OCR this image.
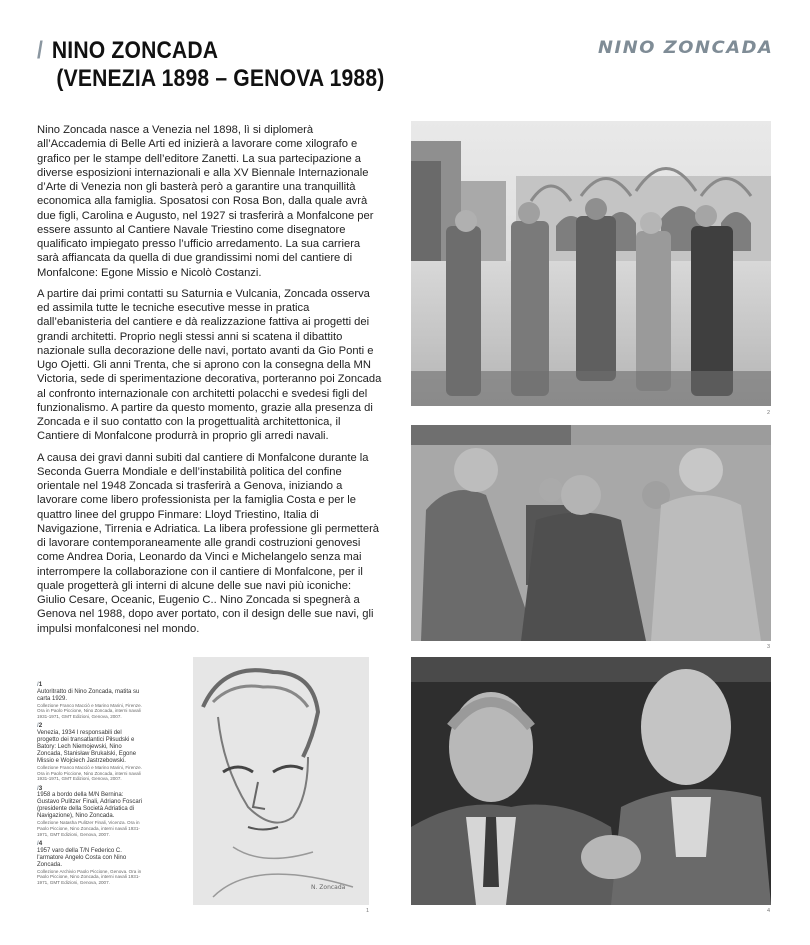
/ NINO ZONCADA
(VENEZIA 1898 – GENOVA 1988)
NINO ZONCADA

Nino Zoncada nasce a Venezia nel 1898, lì si diplomerà all’Accademia di Belle Arti ed inizierà a lavorare come xilografo e grafico per le stampe dell’editore Zanetti. La sua partecipazione a diverse esposizioni internazionali e alla XV Biennale Internazionale d’Arte di Venezia non gli basterà però a garantire una tranquillità economica alla famiglia. Sposatosi con Rosa Bon, dalla quale avrà due figli, Carolina e Augusto, nel 1927 si trasferirà a Monfalcone per essere assunto al Cantiere Navale Triestino come disegnatore qualificato impiegato presso l’ufficio arredamento. La sua carriera sarà affiancata da quella di due grandissimi nomi del cantiere di Monfalcone: Egone Missio e Nicolò Costanzi.

A partire dai primi contatti su Saturnia e Vulcania, Zoncada osserva ed assimila tutte le tecniche esecutive messe in pratica dall’ebanisteria del cantiere e dà realizzazione fattiva ai progetti dei grandi architetti. Proprio negli stessi anni si scatena il dibattito nazionale sulla decorazione delle navi, portato avanti da Gio Ponti e Ugo Ojetti. Gli anni Trenta, che si aprono con la consegna della MN Victoria, sede di sperimentazione decorativa, porteranno poi Zoncada al confronto internazionale con architetti polacchi e svedesi figli del funzionalismo. A partire da questo momento, grazie alla presenza di Zoncada e il suo contatto con la progettualità architettonica, il Cantiere di Monfalcone produrrà in proprio gli arredi navali.

A causa dei gravi danni subiti dal cantiere di Monfalcone durante la Seconda Guerra Mondiale e dell’instabilità politica del confine orientale nel 1948 Zoncada si trasferirà a Genova, iniziando a lavorare come libero professionista per la famiglia Costa e per le quattro linee del gruppo Finmare: Lloyd Triestino, Italia di Navigazione, Tirrenia e Adriatica. La libera professione gli permetterà di lavorare contemporaneamente alle grandi costruzioni genovesi come Andrea Doria, Leonardo da Vinci e Michelangelo senza mai interrompere la collaborazione con il cantiere di Monfalcone, per il quale progetterà gli interni di alcune delle sue navi più iconiche: Giulio Cesare, Oceanic, Eugenio C.. Nino Zoncada si spegnerà a Genova nel 1988, dopo aver portato, con il design delle sue navi, gli impulsi monfalconesi nel mondo.

/1
Autoritratto di Nino Zoncada, matita su carta 1929.
Collezione Franco Macciò e Marino Marini, Firenze. Ora in Paolo Piccione, Nino Zoncada, interni navali 1931-1971, GMT Edizioni, Genova, 2007.
/2
Venezia, 1934 I responsabili del progetto dei transatlantici Piłsudski e Batory: Lech Niemojewski, Nino Zoncada, Stanisław Brukalski, Egone Missio e Wojciech Jastrzebowski.
Collezione Franco Macciò e Marino Marini, Firenze. Ora in Paolo Piccione, Nino Zoncada, interni navali 1931-1971, GMT Edizioni, Genova, 2007.
/3
1958 a bordo della M/N Bernina: Gustavo Pulitzer Finali, Adriano Foscari (presidente della Società Adriatica di Navigazione), Nino Zoncada.
Collezione Natasha Pulitzer Finali, Vicenza. Ora in Paolo Piccione, Nino Zoncada, interni navali 1931-1971, GMT Edizioni, Genova, 2007.
/4
1957 varo della T/N Federico C. l'armatore Angelo Costa con Nino Zoncada.
Collezione Archivio Paolo Piccione, Genova. Ora in Paolo Piccione, Nino Zoncada, interni navali 1931-1971, GMT Edizioni, Genova, 2007.
2
3
N. Zoncada
1	4
